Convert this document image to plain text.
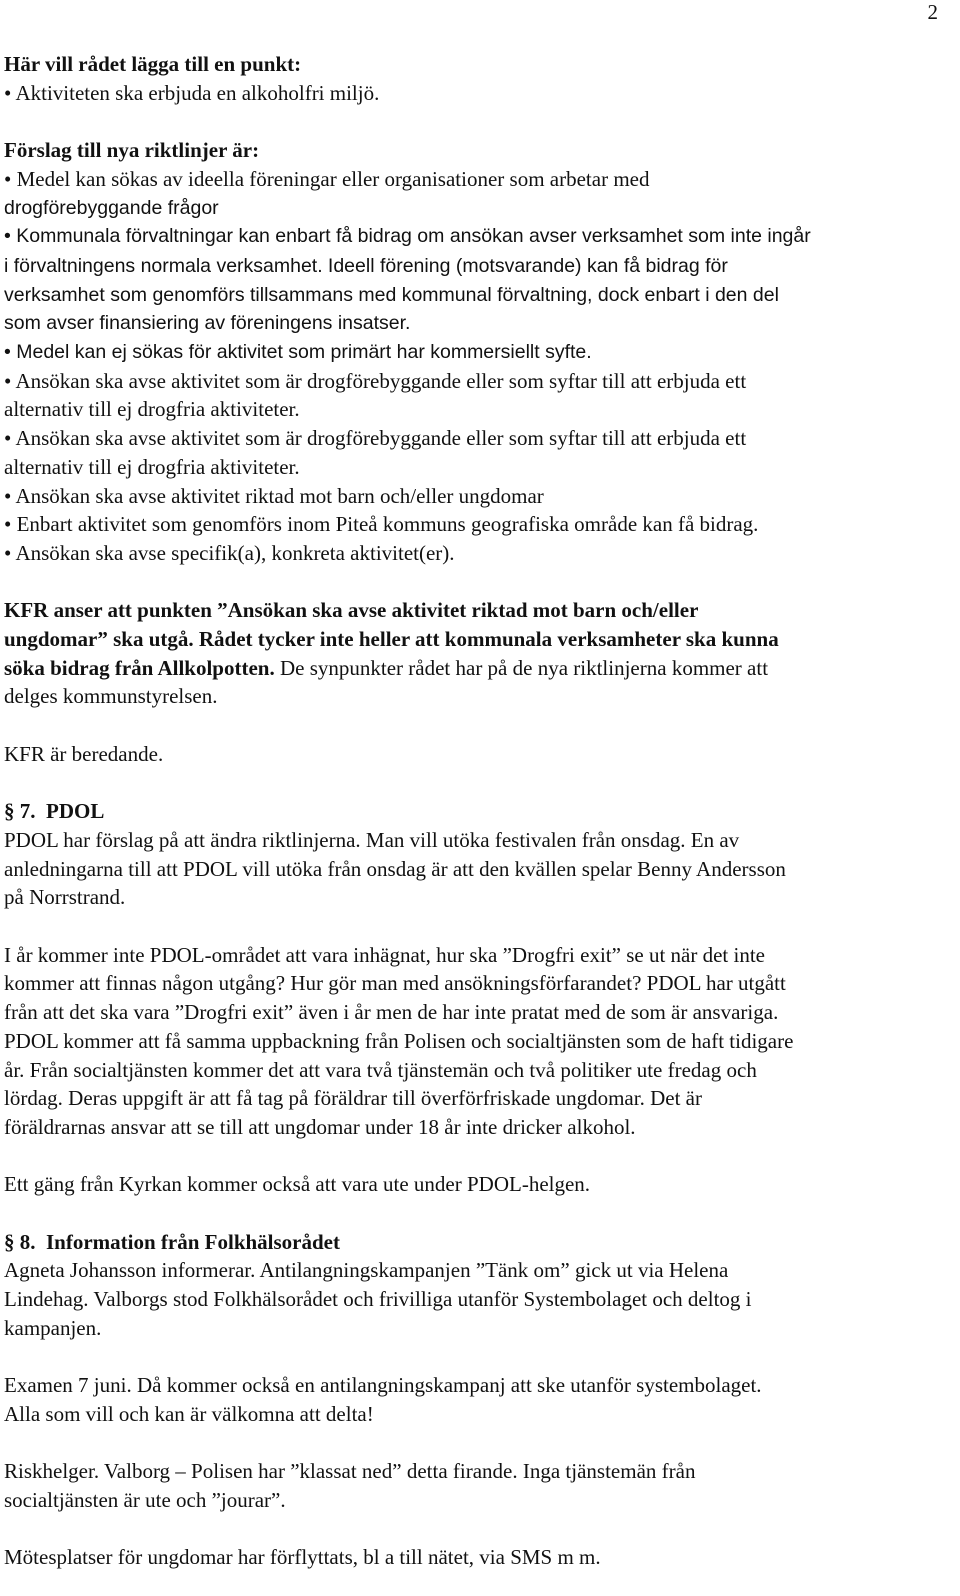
2
Här vill rådet lägga till en punkt:
• Aktiviteten ska erbjuda en alkoholfri miljö.
Förslag till nya riktlinjer är:
• Medel kan sökas av ideella föreningar eller organisationer som arbetar med
drogförebyggande frågor
• Kommunala förvaltningar kan enbart få bidrag om ansökan avser verksamhet som inte ingår
i förvaltningens normala verksamhet. Ideell förening (motsvarande) kan få bidrag för
verksamhet som genomförs tillsammans med kommunal förvaltning, dock enbart i den del
som avser finansiering av föreningens insatser.
• Medel kan ej sökas för aktivitet som primärt har kommersiellt syfte.
• Ansökan ska avse aktivitet som är drogförebyggande eller som syftar till att erbjuda ett
alternativ till ej drogfria aktiviteter.
• Ansökan ska avse aktivitet som är drogförebyggande eller som syftar till att erbjuda ett
alternativ till ej drogfria aktiviteter.
• Ansökan ska avse aktivitet riktad mot barn och/eller ungdomar
• Enbart aktivitet som genomförs inom Piteå kommuns geografiska område kan få bidrag.
• Ansökan ska avse specifik(a), konkreta aktivitet(er).
KFR anser att punkten ”Ansökan ska avse aktivitet riktad mot barn och/eller
ungdomar” ska utgå. Rådet tycker inte heller att kommunala verksamheter ska kunna
söka bidrag från Allkolpotten. De synpunkter rådet har på de nya riktlinjerna kommer att
delges kommunstyrelsen.
KFR är beredande.
§ 7. PDOL
PDOL har förslag på att ändra riktlinjerna. Man vill utöka festivalen från onsdag. En av
anledningarna till att PDOL vill utöka från onsdag är att den kvällen spelar Benny Andersson
på Norrstrand.
I år kommer inte PDOL-området att vara inhägnat, hur ska ”Drogfri exit” se ut när det inte
kommer att finnas någon utgång? Hur gör man med ansökningsförfarandet? PDOL har utgått
från att det ska vara ”Drogfri exit” även i år men de har inte pratat med de som är ansvariga.
PDOL kommer att få samma uppbackning från Polisen och socialtjänsten som de haft tidigare
år. Från socialtjänsten kommer det att vara två tjänstemän och två politiker ute fredag och
lördag. Deras uppgift är att få tag på föräldrar till överförfriskade ungdomar. Det är
föräldrarnas ansvar att se till att ungdomar under 18 år inte dricker alkohol.
Ett gäng från Kyrkan kommer också att vara ute under PDOL-helgen.
§ 8. Information från Folkhälsorådet
Agneta Johansson informerar. Antilangningskampanjen ”Tänk om” gick ut via Helena
Lindehag. Valborgs stod Folkhälsorådet och frivilliga utanför Systembolaget och deltog i
kampanjen.
Examen 7 juni. Då kommer också en antilangningskampanj att ske utanför systembolaget.
Alla som vill och kan är välkomna att delta!
Riskhelger. Valborg – Polisen har ”klassat ned” detta firande. Inga tjänstemän från
socialtjänsten är ute och ”jourar”.
Mötesplatser för ungdomar har förflyttats, bl a till nätet, via SMS m m.
